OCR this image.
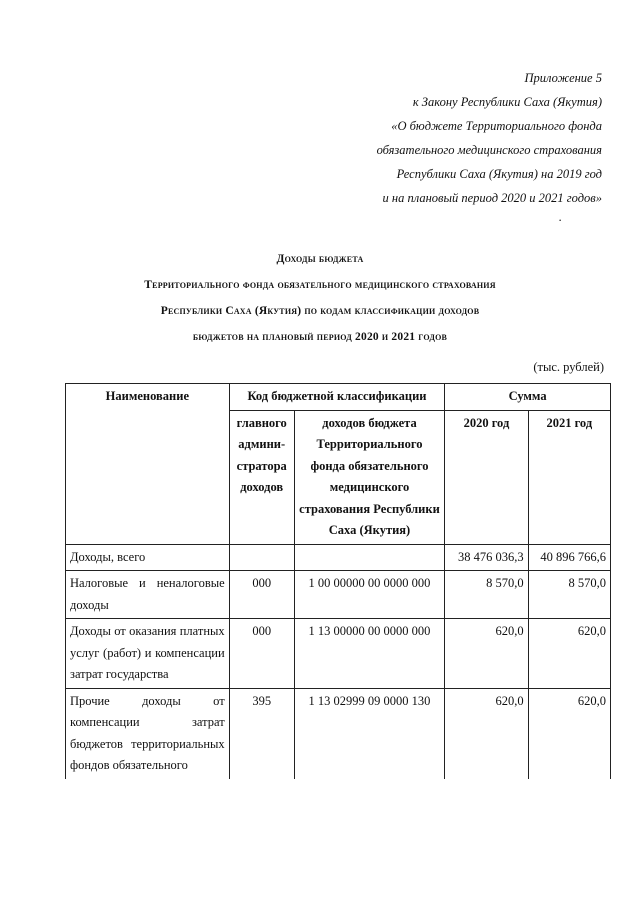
Приложение 5
к Закону Республики Саха (Якутия)
«О бюджете Территориального фонда
обязательного медицинского страхования
Республики Саха (Якутия) на 2019 год
и на плановый период 2020 и 2021 годов»
.
Доходы бюджета
Территориального фонда обязательного медицинского страхования
Республики Саха (Якутия) по кодам классификации доходов
бюджетов на плановый период 2020 и 2021 годов
(тыс. рублей)
Наименование	Код бюджетной классификации		Сумма	
	главного админи-стратора доходов	доходов бюджета Территориального фонда обязательного медицинского страхования Республики Саха (Якутия)	2020 год	2021 год
Доходы, всего			38 476 036,3	40 896 766,6
Налоговые и неналоговые доходы	000	1 00 00000 00 0000 000	8 570,0	8 570,0
Доходы от оказания платных услуг (работ) и компенсации затрат государства	000	1 13 00000 00 0000 000	620,0	620,0
Прочие доходы от компенсации затрат бюджетов территориальных фондов обязательного	395	1 13 02999 09 0000 130	620,0	620,0
